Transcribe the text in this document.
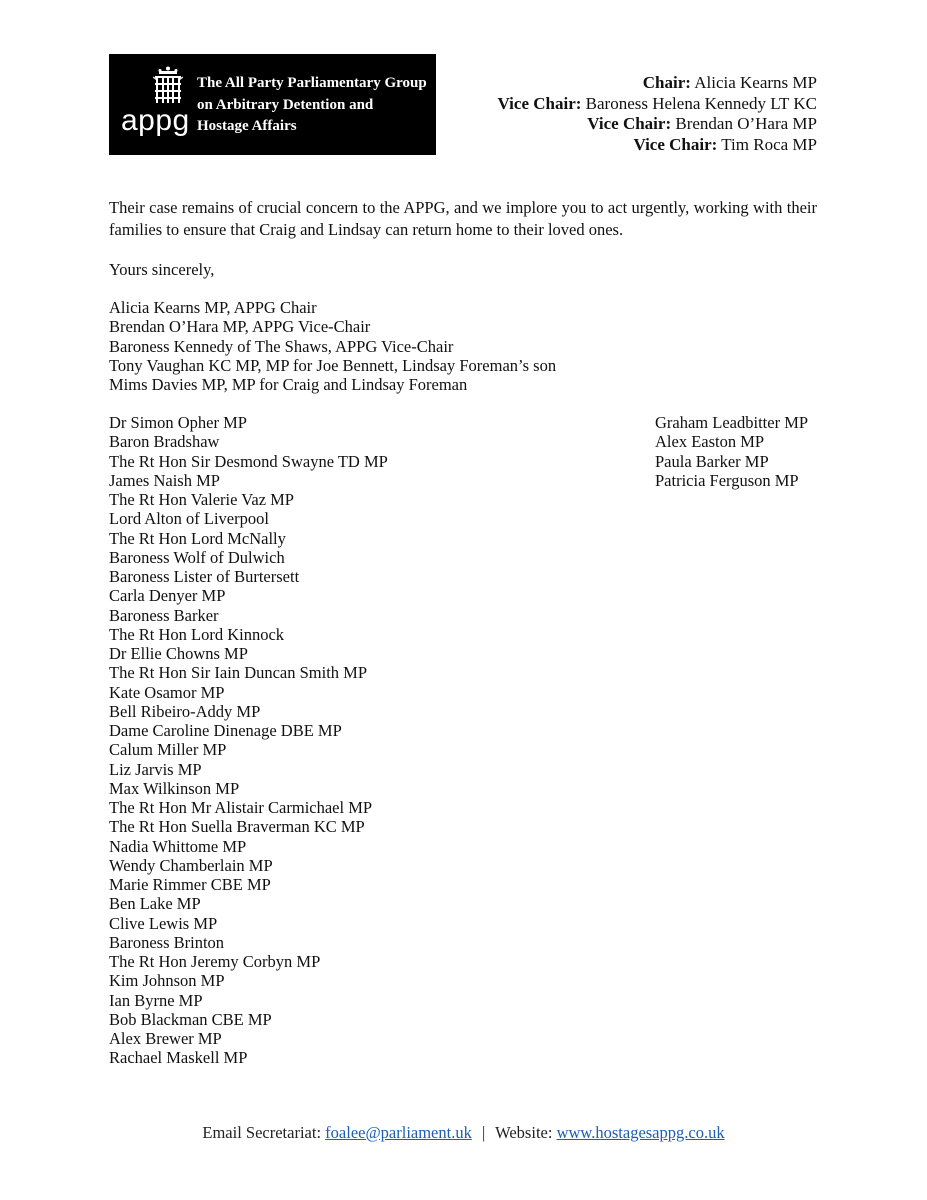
appg
The All Party Parliamentary Group
on Arbitrary Detention and
Hostage Affairs
Chair: Alicia Kearns MP
Vice Chair: Baroness Helena Kennedy LT KC
Vice Chair: Brendan O’Hara MP
Vice Chair: Tim Roca MP
Their case remains of crucial concern to the APPG, and we implore you to act urgently, working with their families to ensure that Craig and Lindsay can return home to their loved ones.
Yours sincerely,
Alicia Kearns MP, APPG Chair
Brendan O’Hara MP, APPG Vice-Chair
Baroness Kennedy of The Shaws, APPG Vice-Chair
Tony Vaughan KC MP, MP for Joe Bennett, Lindsay Foreman’s son
Mims Davies MP, MP for Craig and Lindsay Foreman
Dr Simon Opher MP
Baron Bradshaw
The Rt Hon Sir Desmond Swayne TD MP
James Naish MP
The Rt Hon Valerie Vaz MP
Lord Alton of Liverpool
The Rt Hon Lord McNally
Baroness Wolf of Dulwich
Baroness Lister of Burtersett
Carla Denyer MP
Baroness Barker
The Rt Hon Lord Kinnock
Dr Ellie Chowns MP
The Rt Hon Sir Iain Duncan Smith MP
Kate Osamor MP
Bell Ribeiro-Addy MP
Dame Caroline Dinenage DBE MP
Calum Miller MP
Liz Jarvis MP
Max Wilkinson MP
The Rt Hon Mr Alistair Carmichael MP
The Rt Hon Suella Braverman KC MP
Nadia Whittome MP
Wendy Chamberlain MP
Marie Rimmer CBE MP
Ben Lake MP
Clive Lewis MP
Baroness Brinton
The Rt Hon Jeremy Corbyn MP
Kim Johnson MP
Ian Byrne MP
Bob Blackman CBE MP
Alex Brewer MP
Rachael Maskell MP
Graham Leadbitter MP
Alex Easton MP
Paula Barker MP
Patricia Ferguson MP
Email Secretariat: foalee@parliament.uk | Website: www.hostagesappg.co.uk
